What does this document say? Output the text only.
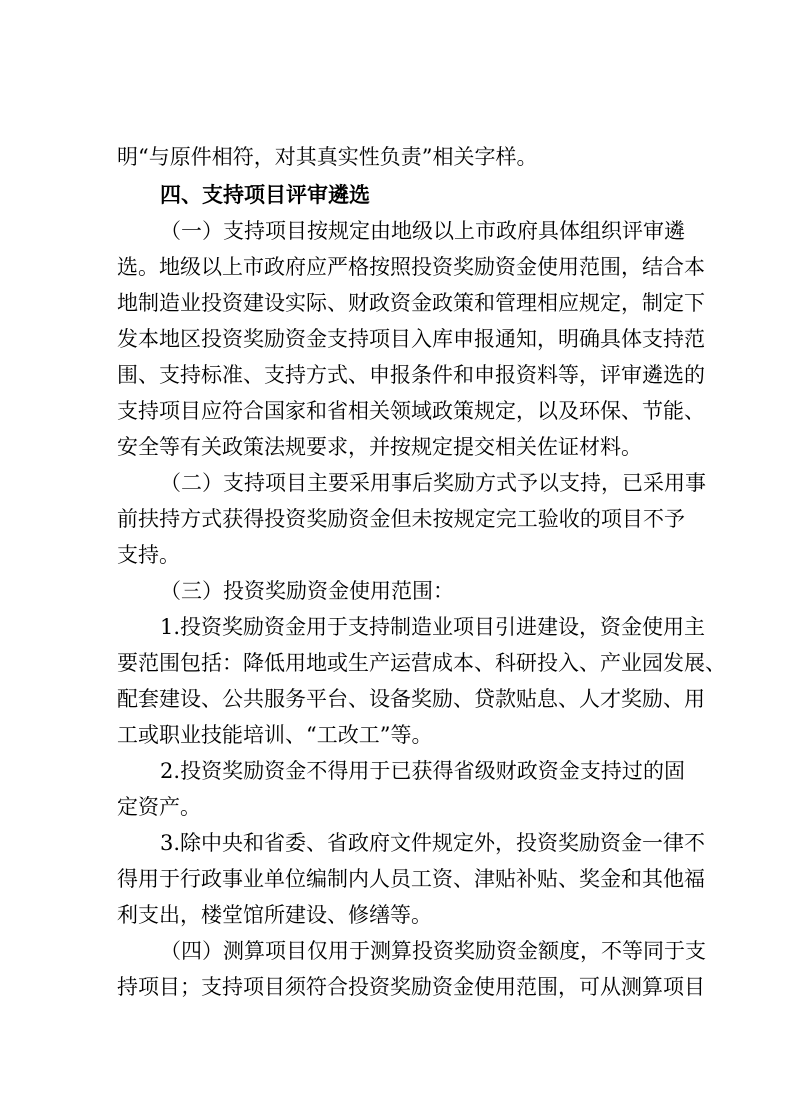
明“与原件相符，对其真实性负责”相关字样。
四、支持项目评审遴选
（一）支持项目按规定由地级以上市政府具体组织评审遴
选。地级以上市政府应严格按照投资奖励资金使用范围，结合本
地制造业投资建设实际、财政资金政策和管理相应规定，制定下
发本地区投资奖励资金支持项目入库申报通知，明确具体支持范
围、支持标准、支持方式、申报条件和申报资料等，评审遴选的
支持项目应符合国家和省相关领域政策规定，以及环保、节能、
安全等有关政策法规要求，并按规定提交相关佐证材料。
（二）支持项目主要采用事后奖励方式予以支持，已采用事
前扶持方式获得投资奖励资金但未按规定完工验收的项目不予
支持。
（三）投资奖励资金使用范围：
1.投资奖励资金用于支持制造业项目引进建设，资金使用主
要范围包括：降低用地或生产运营成本、科研投入、产业园发展、
配套建设、公共服务平台、设备奖励、贷款贴息、人才奖励、用
工或职业技能培训、“工改工”等。
2.投资奖励资金不得用于已获得省级财政资金支持过的固
定资产。
3.除中央和省委、省政府文件规定外，投资奖励资金一律不
得用于行政事业单位编制内人员工资、津贴补贴、奖金和其他福
利支出，楼堂馆所建设、修缮等。
（四）测算项目仅用于测算投资奖励资金额度，不等同于支
持项目；支持项目须符合投资奖励资金使用范围，可从测算项目
